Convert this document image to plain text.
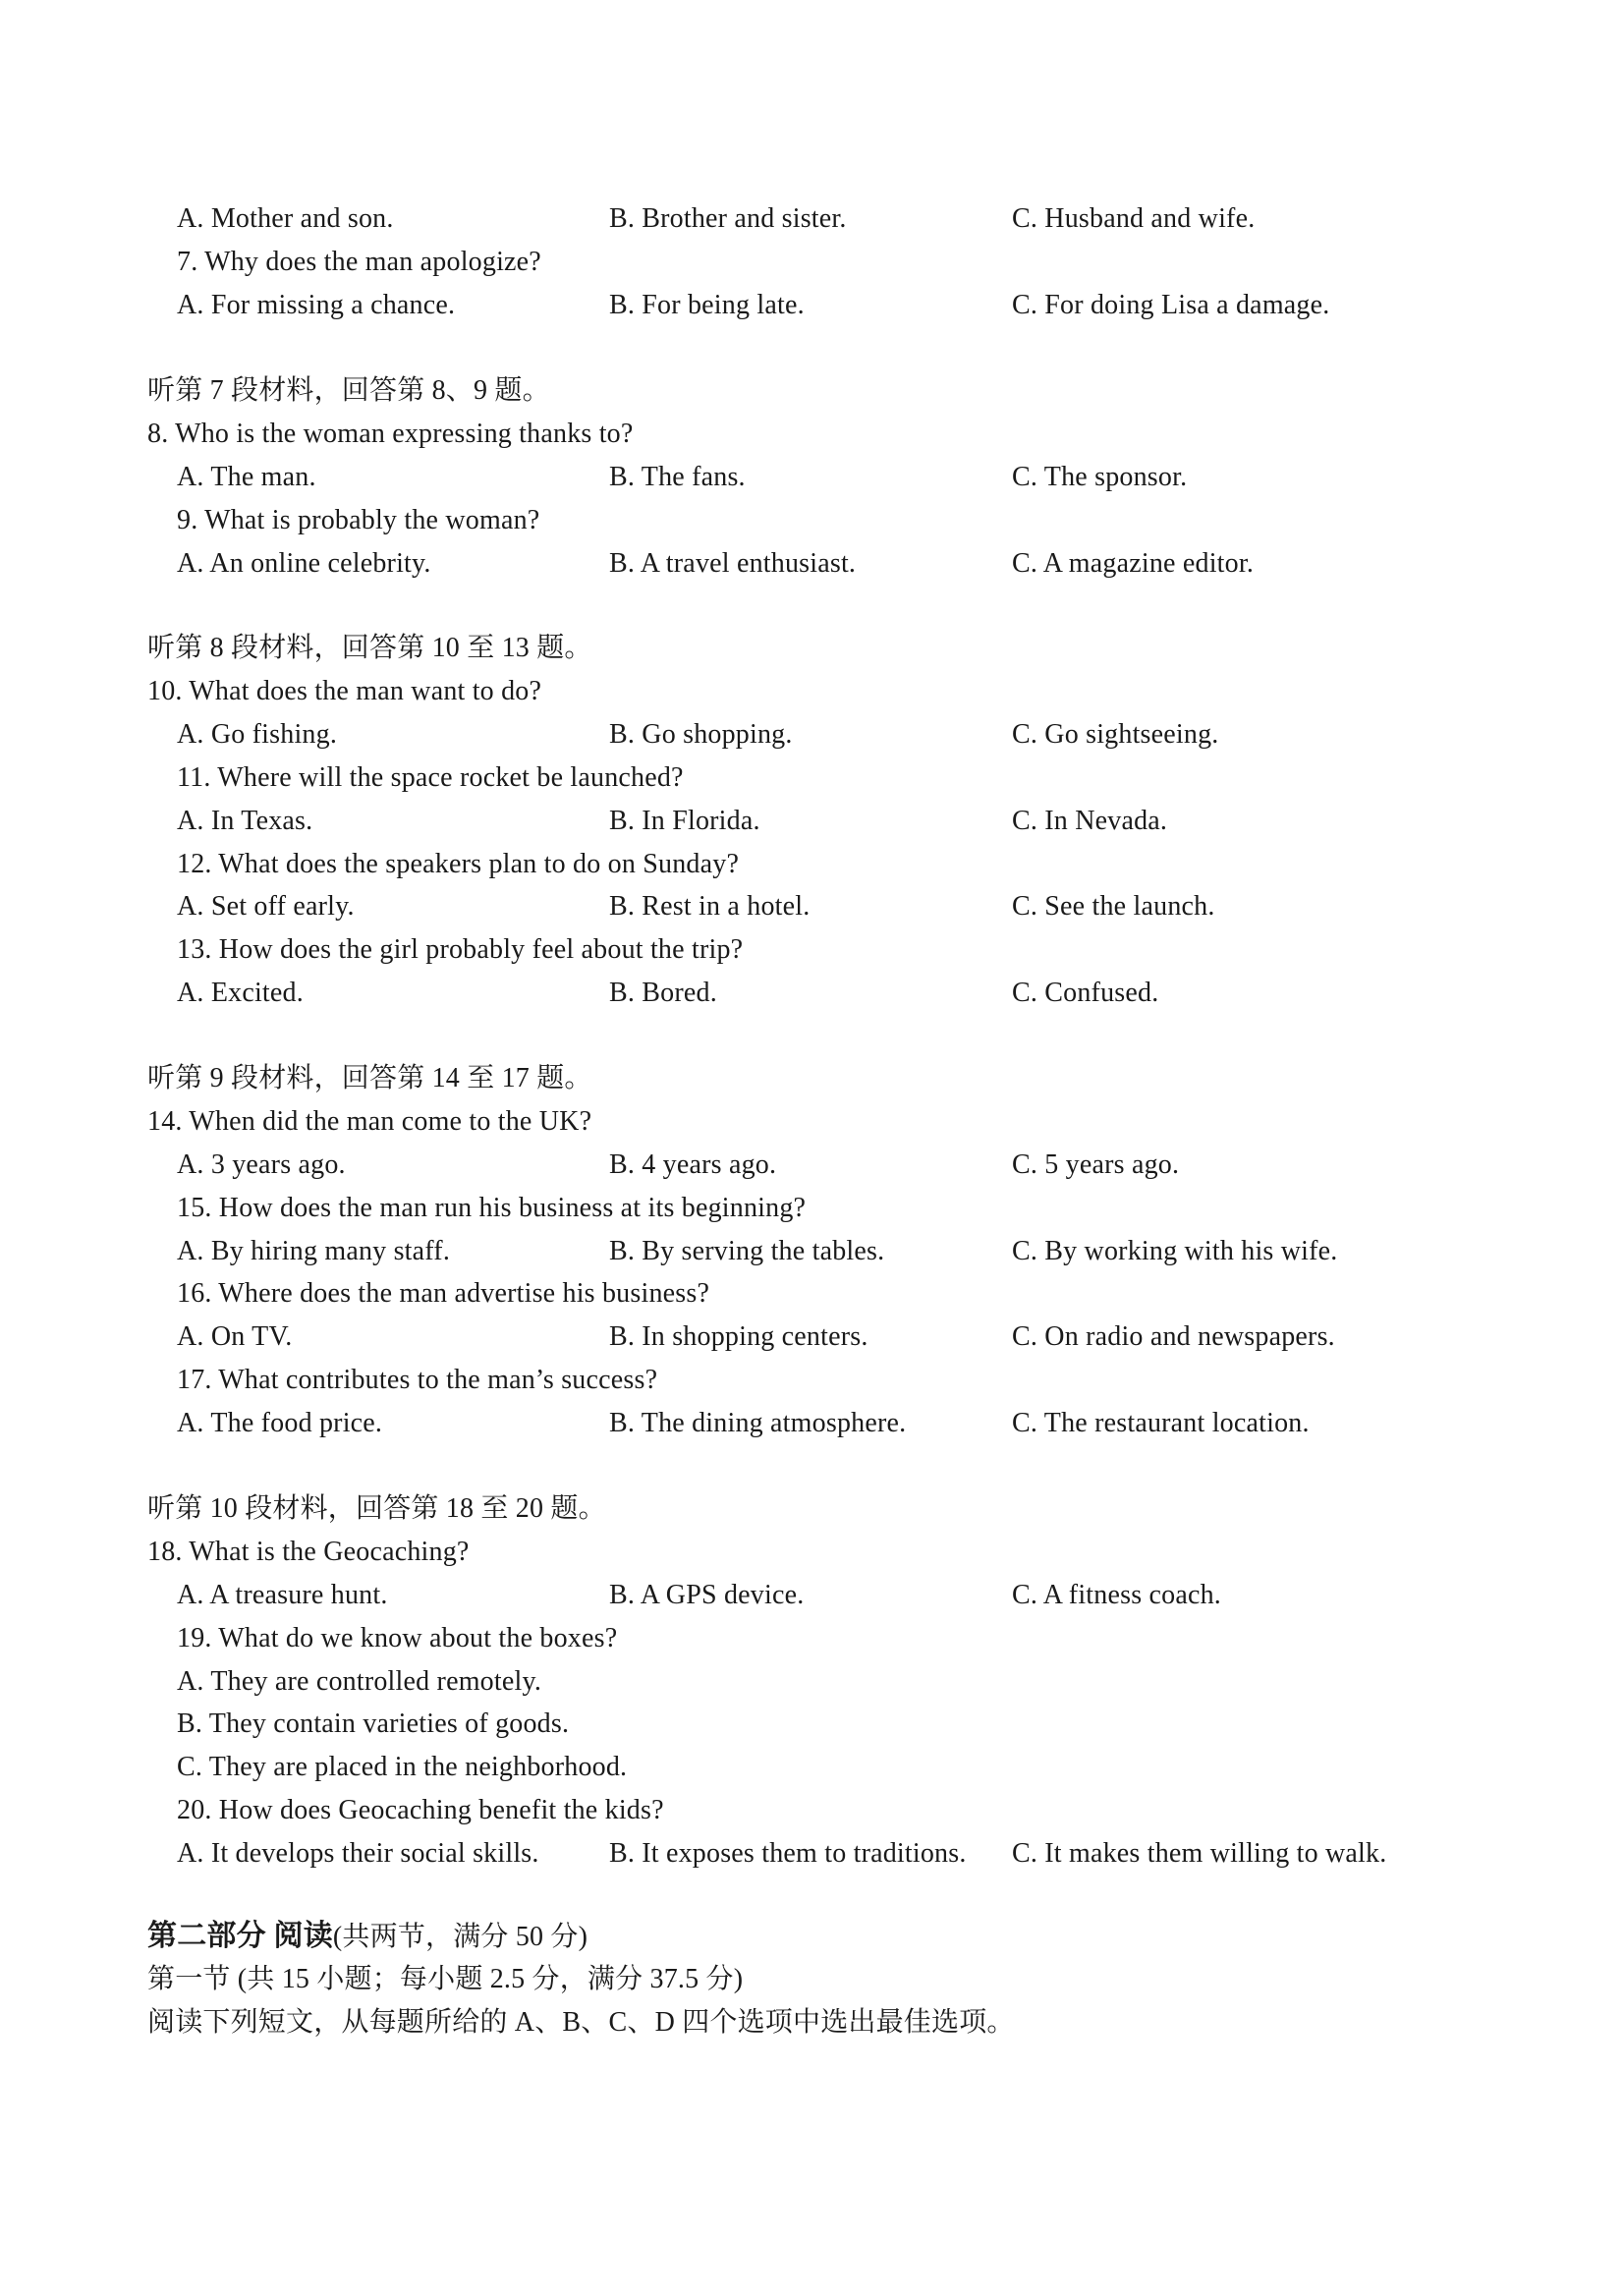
A. Mother and son.	B. Brother and sister.	C. Husband and wife.
7. Why does the man apologize?
A. For missing a chance.	B. For being late.	C. For doing Lisa a damage.
听第 7 段材料，回答第 8、9 题。
8. Who is the woman expressing thanks to?
A. The man.	B. The fans.	C. The sponsor.
9. What is probably the woman?
A. An online celebrity.	B. A travel enthusiast.	C. A magazine editor.
听第 8 段材料，回答第 10 至 13 题。
10. What does the man want to do?
A. Go fishing.	B. Go shopping.	C. Go sightseeing.
11. Where will the space rocket be launched?
A. In Texas.	B. In Florida.	C. In Nevada.
12. What does the speakers plan to do on Sunday?
A. Set off early.	B. Rest in a hotel.	C. See the launch.
13. How does the girl probably feel about the trip?
A. Excited.	B. Bored.	C. Confused.
听第 9 段材料，回答第 14 至 17 题。
14. When did the man come to the UK?
A. 3 years ago.	B. 4 years ago.	C. 5 years ago.
15. How does the man run his business at its beginning?
A. By hiring many staff.	B. By serving the tables.	C. By working with his wife.
16. Where does the man advertise his business?
A. On TV.	B. In shopping centers.	C. On radio and newspapers.
17. What contributes to the man’s success?
A. The food price.	B. The dining atmosphere.	C. The restaurant location.
听第 10 段材料，回答第 18 至 20 题。
18. What is the Geocaching?
A. A treasure hunt.	B. A GPS device.	C. A fitness coach.
19. What do we know about the boxes?
A. They are controlled remotely.
B. They contain varieties of goods.
C. They are placed in the neighborhood.
20. How does Geocaching benefit the kids?
A. It develops their social skills.	B. It exposes them to traditions. C. It makes them willing to walk.
第二部分 阅读(共两节，满分 50 分)
第一节 (共 15 小题；每小题 2.5 分，满分 37.5 分)
阅读下列短文，从每题所给的 A、B、C、D 四个选项中选出最佳选项。
